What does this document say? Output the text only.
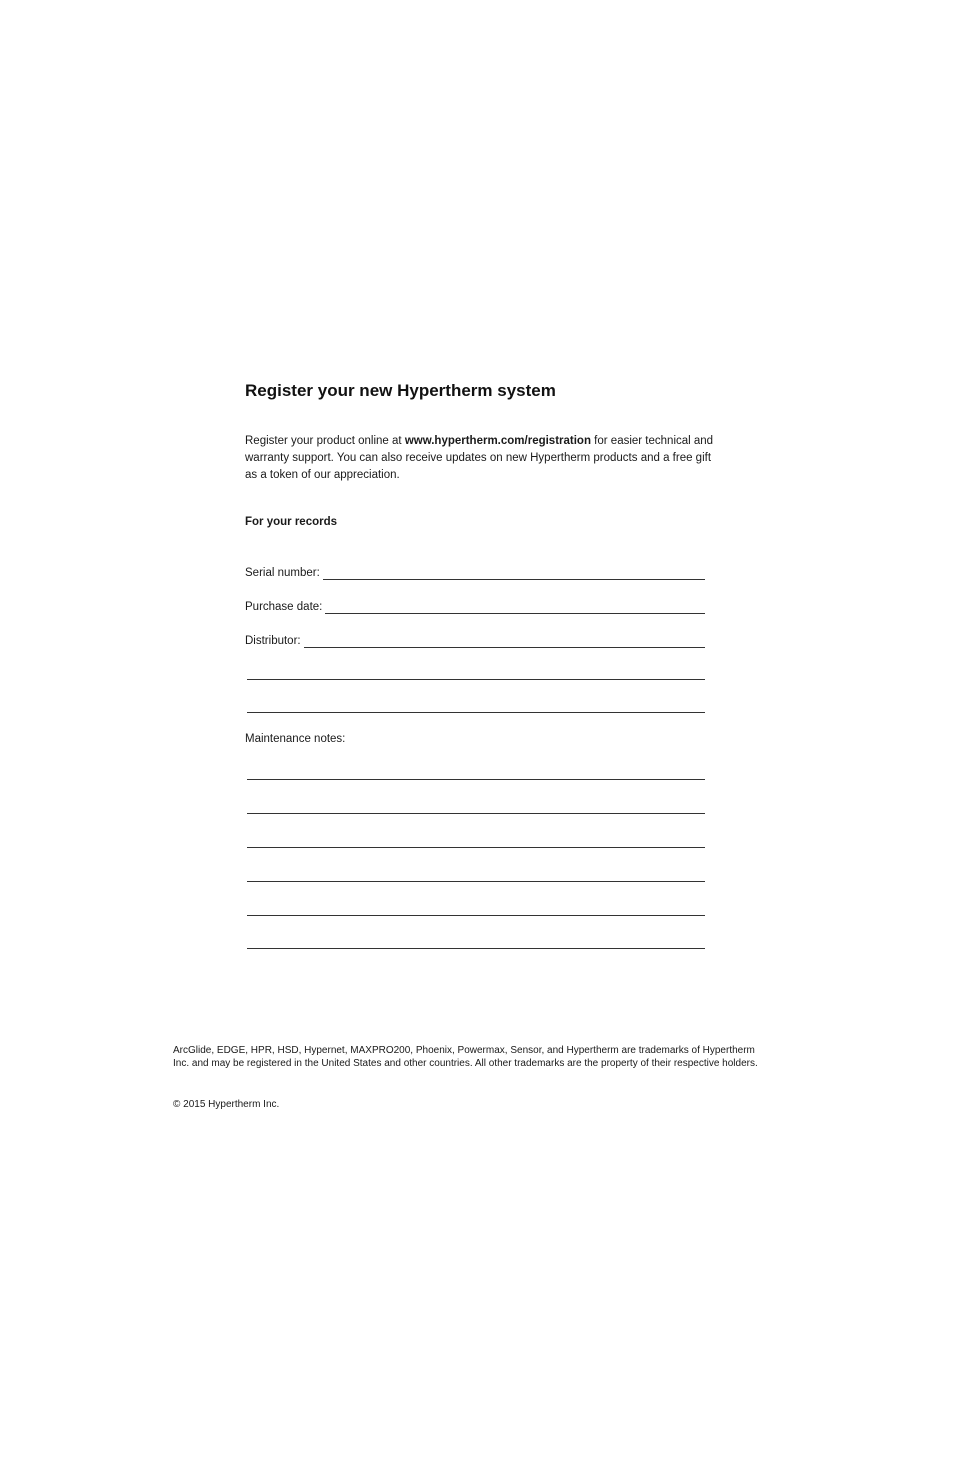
Register your new Hypertherm system
Register your product online at www.hypertherm.com/registration for easier technical and warranty support. You can also receive updates on new Hypertherm products and a free gift as a token of our appreciation.
For your records
Serial number:
Purchase date:
Distributor:
Maintenance notes:
ArcGlide, EDGE, HPR, HSD, Hypernet, MAXPRO200, Phoenix, Powermax, Sensor, and Hypertherm are trademarks of Hypertherm Inc. and may be registered in the United States and other countries. All other trademarks are the property of their respective holders.
© 2015 Hypertherm Inc.
